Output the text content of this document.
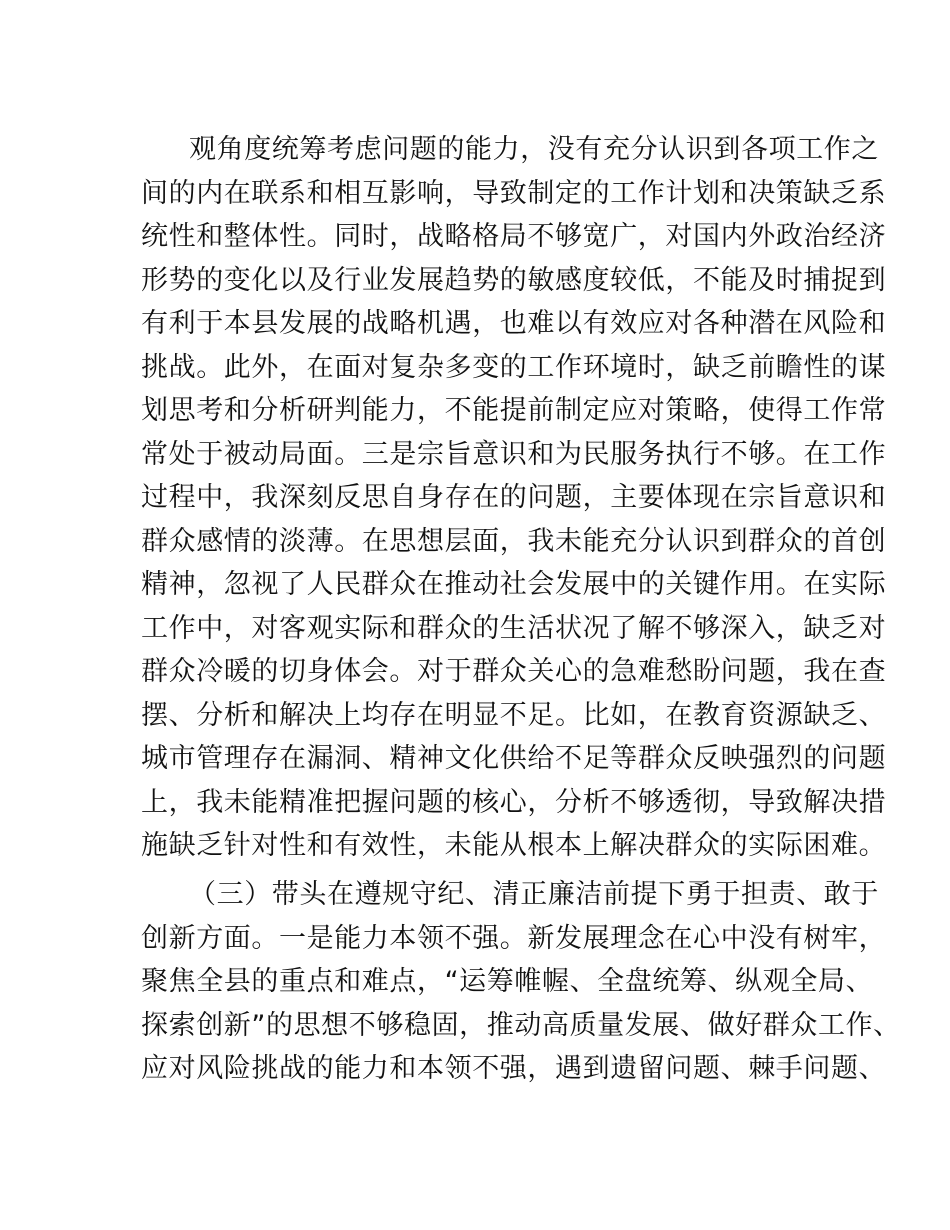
观角度统筹考虑问题的能力，没有充分认识到各项工作之
间的内在联系和相互影响，导致制定的工作计划和决策缺乏系
统性和整体性。同时，战略格局不够宽广，对国内外政治经济
形势的变化以及行业发展趋势的敏感度较低，不能及时捕捉到
有利于本县发展的战略机遇，也难以有效应对各种潜在风险和
挑战。此外，在面对复杂多变的工作环境时，缺乏前瞻性的谋
划思考和分析研判能力，不能提前制定应对策略，使得工作常
常处于被动局面。三是宗旨意识和为民服务执行不够。在工作
过程中，我深刻反思自身存在的问题，主要体现在宗旨意识和
群众感情的淡薄。在思想层面，我未能充分认识到群众的首创
精神，忽视了人民群众在推动社会发展中的关键作用。在实际
工作中，对客观实际和群众的生活状况了解不够深入，缺乏对
群众冷暖的切身体会。对于群众关心的急难愁盼问题，我在查
摆、分析和解决上均存在明显不足。比如，在教育资源缺乏、
城市管理存在漏洞、精神文化供给不足等群众反映强烈的问题
上，我未能精准把握问题的核心，分析不够透彻，导致解决措
施缺乏针对性和有效性，未能从根本上解决群众的实际困难。
（三）带头在遵规守纪、清正廉洁前提下勇于担责、敢于
创新方面。一是能力本领不强。新发展理念在心中没有树牢，
聚焦全县的重点和难点，“运筹帷幄、全盘统筹、纵观全局、
探索创新”的思想不够稳固，推动高质量发展、做好群众工作、
应对风险挑战的能力和本领不强，遇到遗留问题、棘手问题、
